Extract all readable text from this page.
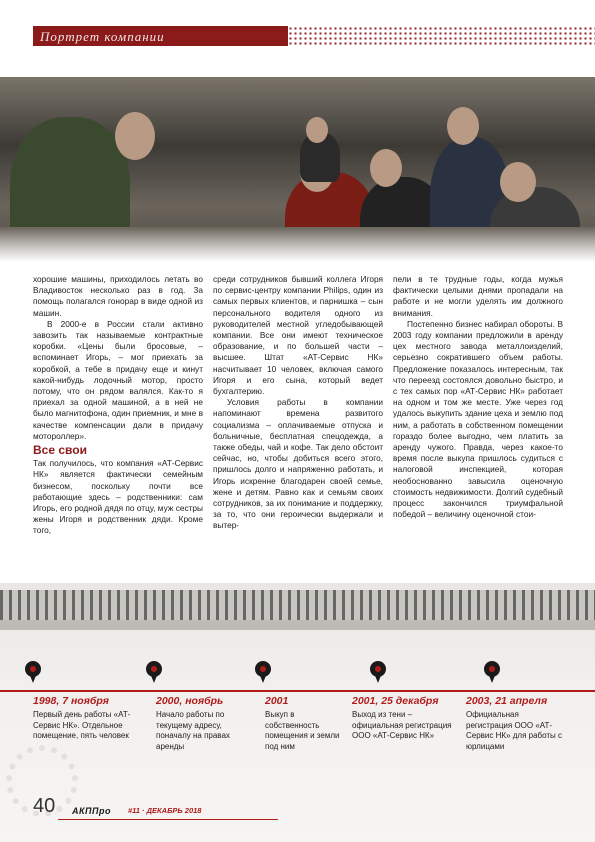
Портрет компании

хорошие машины, приходилось летать во Владивосток несколько раз в год. За помощь полагался гонорар в виде одной из машин.

В 2000-е в России стали активно завозить так называемые контрактные коробки. «Цены были бросовые, – вспоминает Игорь, – мог приехать за коробкой, а тебе в придачу еще и кинут какой-нибудь лодочный мотор, просто потому, что он рядом валялся. Как-то я приехал за одной машиной, а в ней не было магнитофона, один приемник, и мне в качестве компенсации дали в придачу мотороллер».

Все свои

Так получилось, что компания «АТ-Сервис НК» является фактически семейным бизнесом, поскольку почти все работающие здесь – родственники: сам Игорь, его родной дядя по отцу, муж сестры жены Игоря и родственник дяди. Кроме того,

среди сотрудников бывший коллега Игоря по сервис-центру компании Philips, один из самых первых клиентов, и парнишка – сын персонального водителя одного из руководителей местной угледобывающей компании. Все они имеют техническое образование, и по большей части – высшее. Штат «АТ-Сервис НК» насчитывает 10 человек, включая самого Игоря и его сына, который ведет бухгалтерию.

Условия работы в компании напоминают времена развитого социализма – оплачиваемые отпуска и больничные, бесплатная спецодежда, а также обеды, чай и кофе. Так дело обстоит сейчас, но, чтобы добиться всего этого, пришлось долго и напряженно работать, и Игорь искренне благодарен своей семье, жене и детям. Равно как и семьям своих сотрудников, за их понимание и поддержку, за то, что они героически выдержали и вытер-

пели в те трудные годы, когда мужья фактически целыми днями пропадали на работе и не могли уделять им должного внимания.

Постепенно бизнес набирал обороты. В 2003 году компании предложили в аренду цех местного завода металлоизделий, серьезно сократившего объем работы. Предложение показалось интересным, так что переезд состоялся довольно быстро, и с тех самых пор «АТ-Сервис НК» работает на одном и том же месте. Уже через год удалось выкупить здание цеха и землю под ним, а работать в собственном помещении гораздо более выгодно, чем платить за аренду чужого. Правда, через какое-то время после выкупа пришлось судиться с налоговой инспекцией, которая необоснованно завысила оценочную стоимость недвижимости. Долгий судебный процесс закончился триумфальной победой – величину оценочной стои-

1998, 7 ноября
Первый день работы «АТ-Сервис НК». Отдельное помещение, пять человек
2000, ноябрь
Начало работы по текущему адресу, поначалу на правах аренды
2001
Выкуп в собственность помещения и земли под ним
2001, 25 декабря
Выход из тени – официальная регистрация ООО «АТ-Сервис НК»
2003, 21 апреля
Официальная регистрация ООО «АТ-Сервис НК» для работы с юрлицами
40 АКППро #11 · ДЕКАБРЬ 2018
